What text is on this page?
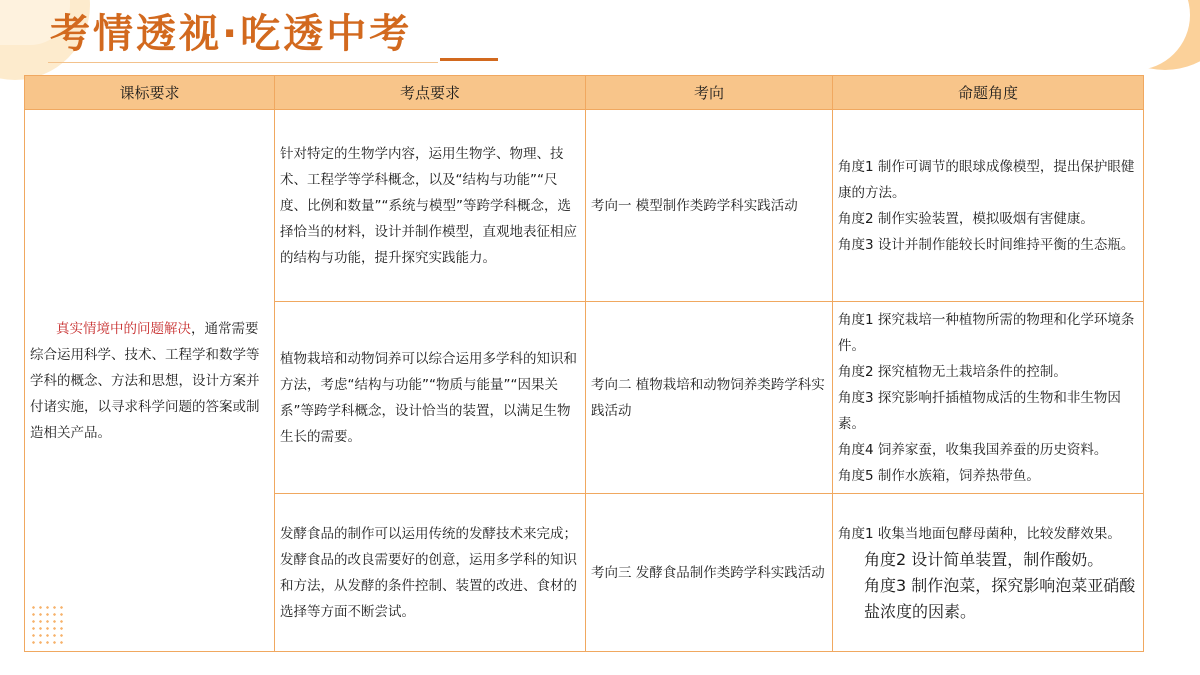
考情透视·吃透中考
课标要求	考点要求	考向	命题角度
真实情境中的问题解决，通常需要综合运用科学、技术、工程学和数学等学科的概念、方法和思想，设计方案并付诸实施，以寻求科学问题的答案或制造相关产品。	针对特定的生物学内容，运用生物学、物理、技术、工程学等学科概念，以及“结构与功能”“尺度、比例和数量”“系统与模型”等跨学科概念，选择恰当的材料，设计并制作模型，直观地表征相应的结构与功能，提升探究实践能力。	考向一 模型制作类跨学科实践活动	角度1 制作可调节的眼球成像模型，提出保护眼健康的方法。
角度2 制作实验装置，模拟吸烟有害健康。
角度3 设计并制作能较长时间维持平衡的生态瓶。

	植物栽培和动物饲养可以综合运用多学科的知识和方法，考虑“结构与功能”“物质与能量”“因果关系”等跨学科概念，设计恰当的装置，以满足生物生长的需要。	考向二 植物栽培和动物饲养类跨学科实践活动	角度1 探究栽培一种植物所需的物理和化学环境条件。
角度2 探究植物无土栽培条件的控制。
角度3 探究影响扦插植物成活的生物和非生物因素。
角度4 饲养家蚕，收集我国养蚕的历史资料。
角度5 制作水族箱，饲养热带鱼。

	发酵食品的制作可以运用传统的发酵技术来完成；发酵食品的改良需要好的创意，运用多学科的知识和方法，从发酵的条件控制、装置的改进、食材的选择等方面不断尝试。	考向三 发酵食品制作类跨学科实践活动	角度1 收集当地面包酵母菌种，比较发酵效果。
角度2 设计简单装置，制作酸奶。
角度3 制作泡菜，探究影响泡菜亚硝酸盐浓度的因素。
